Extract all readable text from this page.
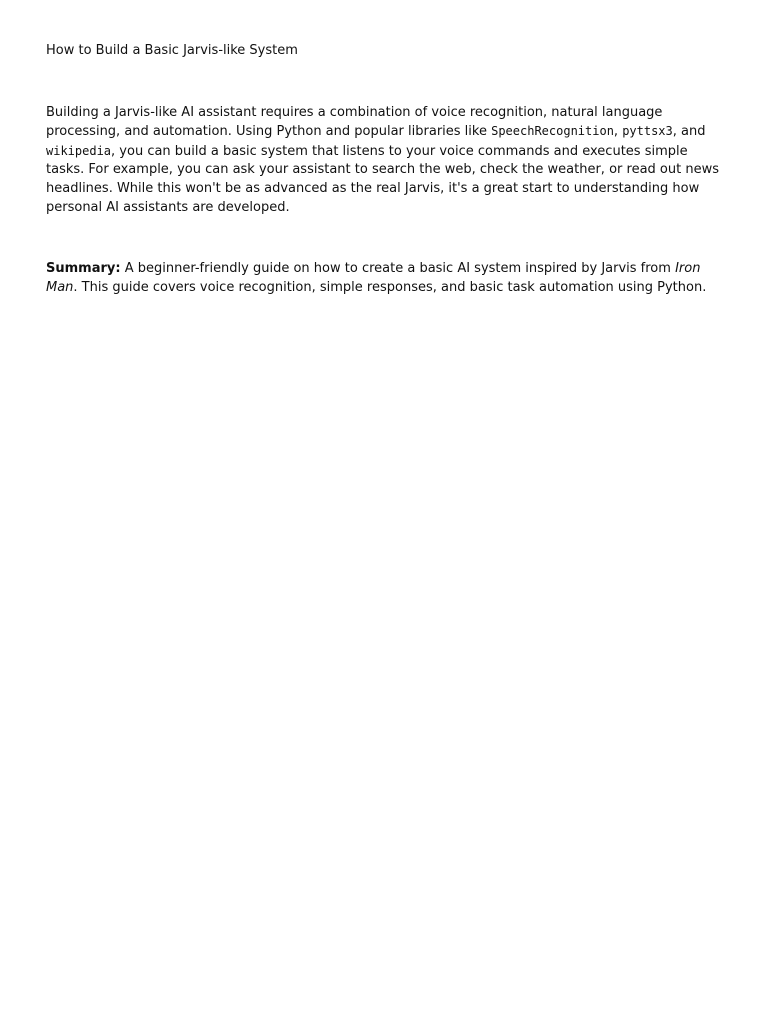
How to Build a Basic Jarvis-like System

Building a Jarvis-like AI assistant requires a combination of voice recognition, natural language processing, and automation. Using Python and popular libraries like SpeechRecognition, pyttsx3, and wikipedia, you can build a basic system that listens to your voice commands and executes simple tasks. For example, you can ask your assistant to search the web, check the weather, or read out news headlines. While this won't be as advanced as the real Jarvis, it's a great start to understanding how personal AI assistants are developed.

Summary: A beginner-friendly guide on how to create a basic AI system inspired by Jarvis from Iron Man. This guide covers voice recognition, simple responses, and basic task automation using Python.
